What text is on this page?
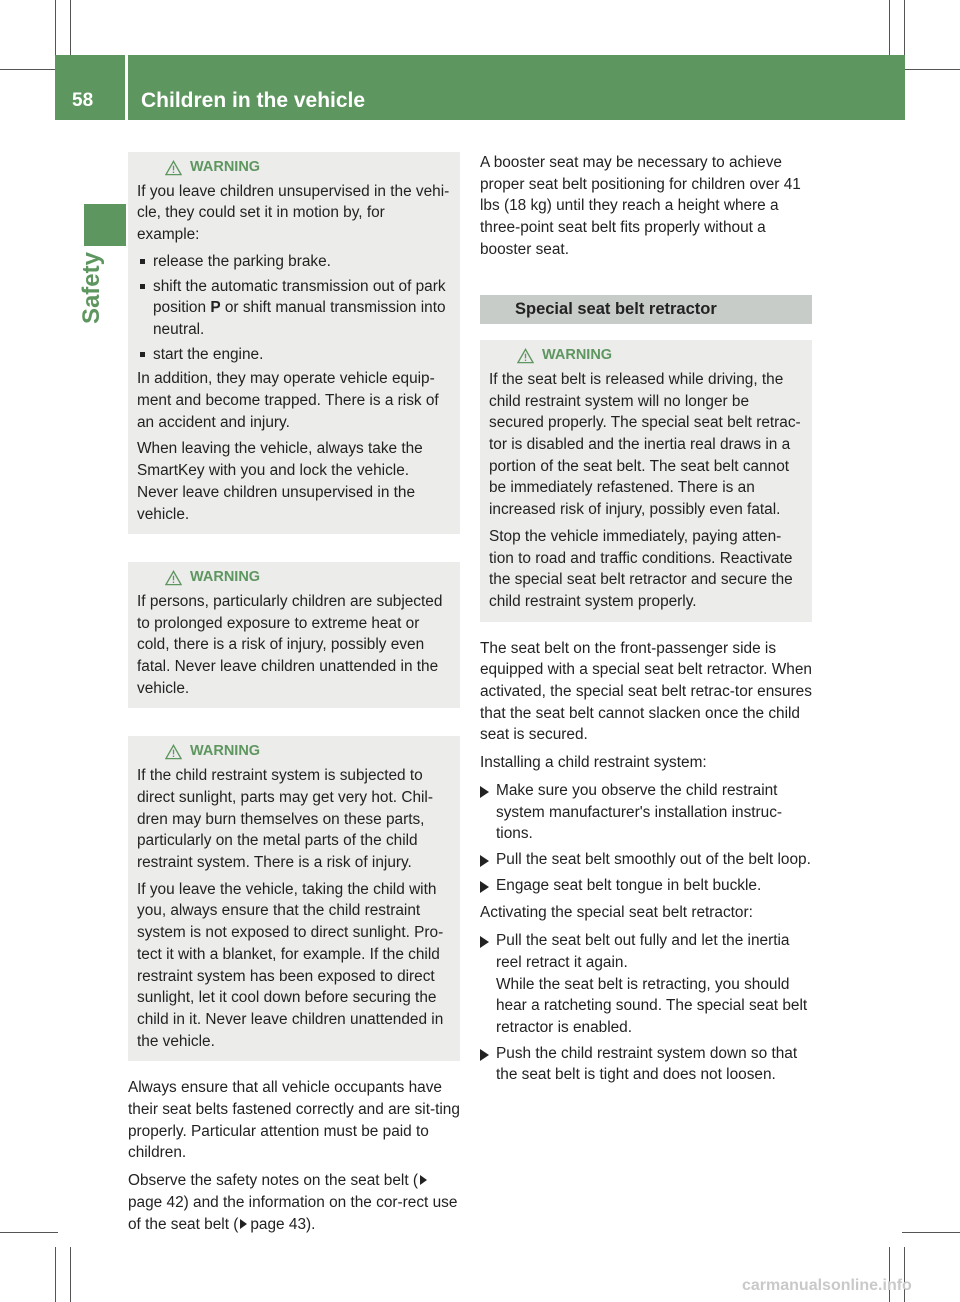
58 Children in the vehicle
Safety
WARNING

If you leave children unsupervised in the vehi-cle, they could set it in motion by, for example:

release the parking brake.
shift the automatic transmission out of park position P or shift manual transmission into neutral.
start the engine.

In addition, they may operate vehicle equip-ment and become trapped. There is a risk of an accident and injury.

When leaving the vehicle, always take the SmartKey with you and lock the vehicle. Never leave children unsupervised in the vehicle.

WARNING

If persons, particularly children are subjected to prolonged exposure to extreme heat or cold, there is a risk of injury, possibly even fatal. Never leave children unattended in the vehicle.

WARNING

If the child restraint system is subjected to direct sunlight, parts may get very hot. Chil-dren may burn themselves on these parts, particularly on the metal parts of the child restraint system. There is a risk of injury.

If you leave the vehicle, taking the child with you, always ensure that the child restraint system is not exposed to direct sunlight. Pro-tect it with a blanket, for example. If the child restraint system has been exposed to direct sunlight, let it cool down before securing the child in it. Never leave children unattended in the vehicle.

Always ensure that all vehicle occupants have their seat belts fastened correctly and are sit-ting properly. Particular attention must be paid to children.

Observe the safety notes on the seat belt (page 42) and the information on the cor-rect use of the seat belt ( page 43).

A booster seat may be necessary to achieve proper seat belt positioning for children over 41 lbs (18 kg) until they reach a height where a three-point seat belt fits properly without a booster seat.

Special seat belt retractor
WARNING

If the seat belt is released while driving, the child restraint system will no longer be secured properly. The special seat belt retrac-tor is disabled and the inertia real draws in a portion of the seat belt. The seat belt cannot be immediately refastened. There is an increased risk of injury, possibly even fatal.

Stop the vehicle immediately, paying atten-tion to road and traffic conditions. Reactivate the special seat belt retractor and secure the child restraint system properly.

The seat belt on the front-passenger side is equipped with a special seat belt retractor. When activated, the special seat belt retrac-tor ensures that the seat belt cannot slacken once the child seat is secured.

Installing a child restraint system:

Make sure you observe the child restraint system manufacturer's installation instruc-tions.
Pull the seat belt smoothly out of the belt loop.
Engage seat belt tongue in belt buckle.

Activating the special seat belt retractor:

Pull the seat belt out fully and let the inertia reel retract it again.
While the seat belt is retracting, you should hear a ratcheting sound. The special seat belt retractor is enabled.
Push the child restraint system down so that the seat belt is tight and does not loosen.
carmanualsonline.info
